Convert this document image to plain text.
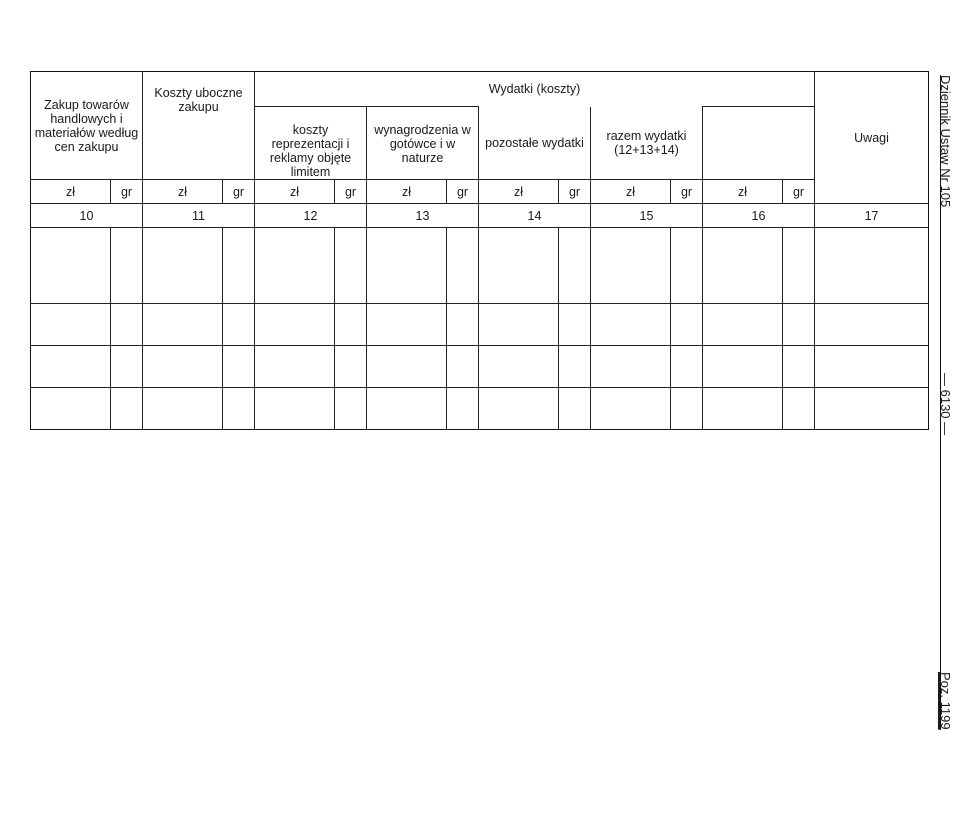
Zakup towarów handlowych i materiałów według cen zakupu		Koszty uboczne zakupu		Wydatki (koszty)										Uwagi
				koszty reprezentacji i reklamy objęte limitem		wynagrodzenia w gotówce i w naturze		pozostałe wydatki		razem wydatki (12+13+14)				
zł	gr	zł	gr	zł	gr	zł	gr	zł	gr	zł	gr	zł	gr	
10		11		12		13		14		15		16		17

Dziennik Ustaw Nr 105
— 6130 —
Poz. 1199
